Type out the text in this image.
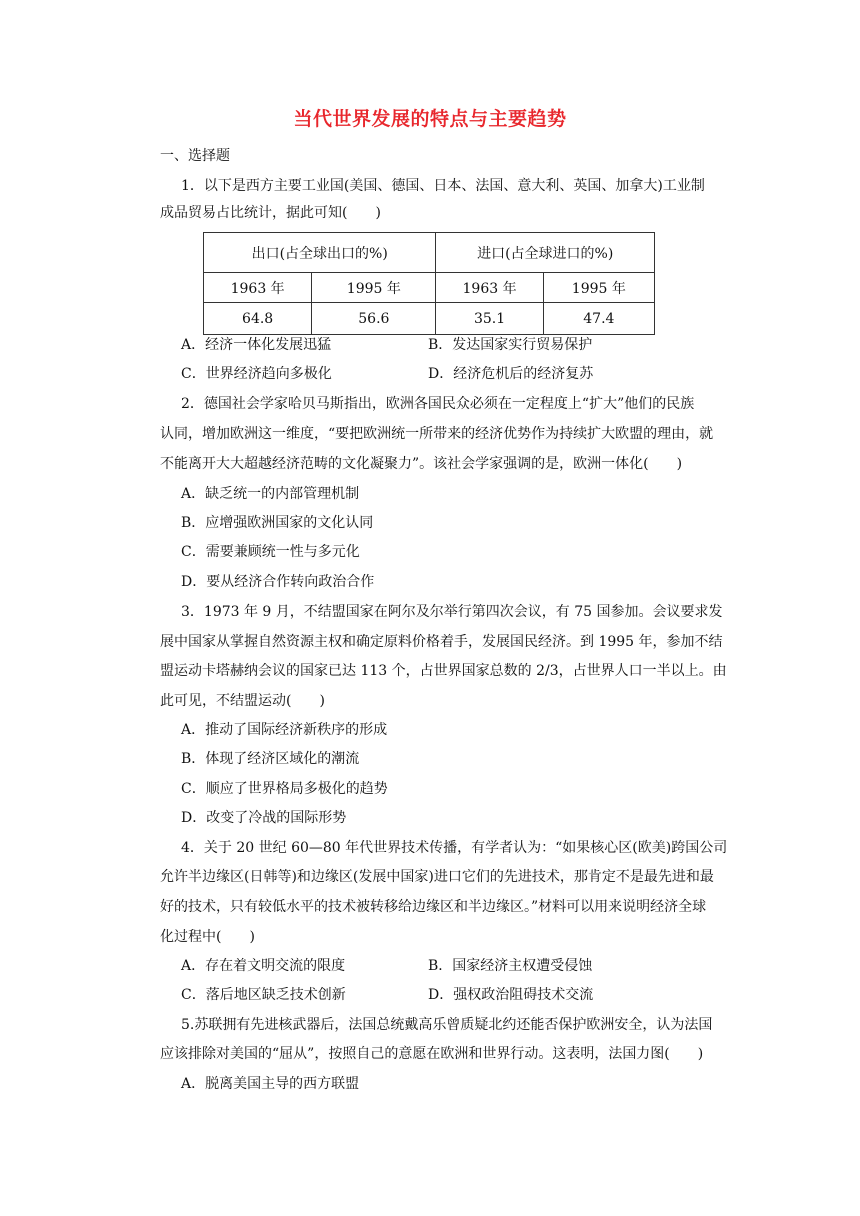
当代世界发展的特点与主要趋势
一、选择题
1．以下是西方主要工业国(美国、德国、日本、法国、意大利、英国、加拿大)工业制
成品贸易占比统计，据此可知(　　)
出口(占全球出口的%)		进口(占全球进口的%)	
1963 年	1995 年	1963 年	1995 年
64.8	56.6	35.1	47.4
A．经济一体化发展迅猛	B．发达国家实行贸易保护
C．世界经济趋向多极化	D．经济危机后的经济复苏
2．德国社会学家哈贝马斯指出，欧洲各国民众必须在一定程度上“扩大”他们的民族
认同，增加欧洲这一维度，“要把欧洲统一所带来的经济优势作为持续扩大欧盟的理由，就
不能离开大大超越经济范畴的文化凝聚力”。该社会学家强调的是，欧洲一体化(　　)
A．缺乏统一的内部管理机制
B．应增强欧洲国家的文化认同
C．需要兼顾统一性与多元化
D．要从经济合作转向政治合作
3．1973 年 9 月，不结盟国家在阿尔及尔举行第四次会议，有 75 国参加。会议要求发
展中国家从掌握自然资源主权和确定原料价格着手，发展国民经济。到 1995 年，参加不结
盟运动卡塔赫纳会议的国家已达 113 个，占世界国家总数的 2/3，占世界人口一半以上。由
此可见，不结盟运动(　　)
A．推动了国际经济新秩序的形成
B．体现了经济区域化的潮流
C．顺应了世界格局多极化的趋势
D．改变了冷战的国际形势
4．关于 20 世纪 60—80 年代世界技术传播，有学者认为：“如果核心区(欧美)跨国公司
允许半边缘区(日韩等)和边缘区(发展中国家)进口它们的先进技术，那肯定不是最先进和最
好的技术，只有较低水平的技术被转移给边缘区和半边缘区。”材料可以用来说明经济全球
化过程中(　　)
A．存在着文明交流的限度	B．国家经济主权遭受侵蚀
C．落后地区缺乏技术创新	D．强权政治阻碍技术交流
5.苏联拥有先进核武器后，法国总统戴高乐曾质疑北约还能否保护欧洲安全，认为法国
应该排除对美国的“屈从”，按照自己的意愿在欧洲和世界行动。这表明，法国力图(　　)
A．脱离美国主导的西方联盟
